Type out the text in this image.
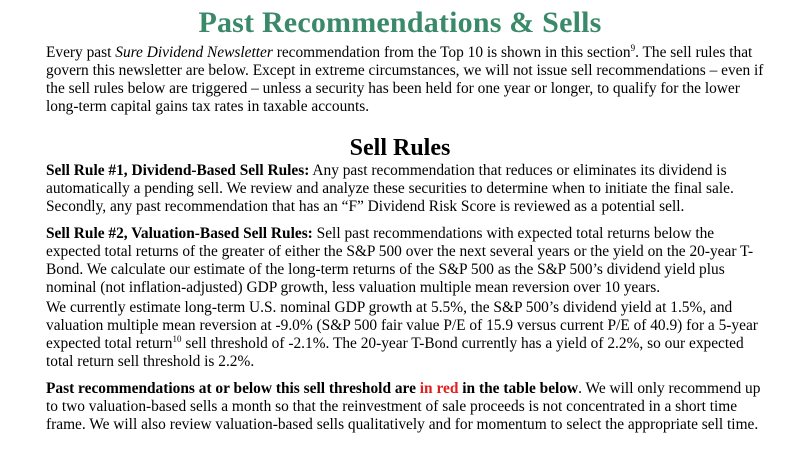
Past Recommendations & Sells

Every past Sure Dividend Newsletter recommendation from the Top 10 is shown in this section$^9$. The sell rules that govern this newsletter are below. Except in extreme circumstances, we will not issue sell recommendations – even if the sell rules below are triggered – unless a security has been held for one year or longer, to qualify for the lower long-term capital gains tax rates in taxable accounts.

Sell Rules

Sell Rule #1, Dividend-Based Sell Rules: Any past recommendation that reduces or eliminates its dividend is automatically a pending sell. We review and analyze these securities to determine when to initiate the final sale. Secondly, any past recommendation that has an “F” Dividend Risk Score is reviewed as a potential sell.

Sell Rule #2, Valuation-Based Sell Rules: Sell past recommendations with expected total returns below the expected total returns of the greater of either the S&P 500 over the next several years or the yield on the 20-year T-Bond. We calculate our estimate of the long-term returns of the S&P 500 as the S&P 500’s dividend yield plus nominal (not inflation-adjusted) GDP growth, less valuation multiple mean reversion over 10 years.

We currently estimate long-term U.S. nominal GDP growth at 5.5%, the S&P 500’s dividend yield at 1.5%, and valuation multiple mean reversion at -9.0% (S&P 500 fair value P/E of 15.9 versus current P/E of 40.9) for a 5-year expected total return$^{10}$ sell threshold of -2.1%. The 20-year T-Bond currently has a yield of 2.2%, so our expected total return sell threshold is 2.2%.

Past recommendations at or below this sell threshold are in red in the table below. We will only recommend up to two valuation-based sells a month so that the reinvestment of sale proceeds is not concentrated in a short time frame. We will also review valuation-based sells qualitatively and for momentum to select the appropriate sell time.
